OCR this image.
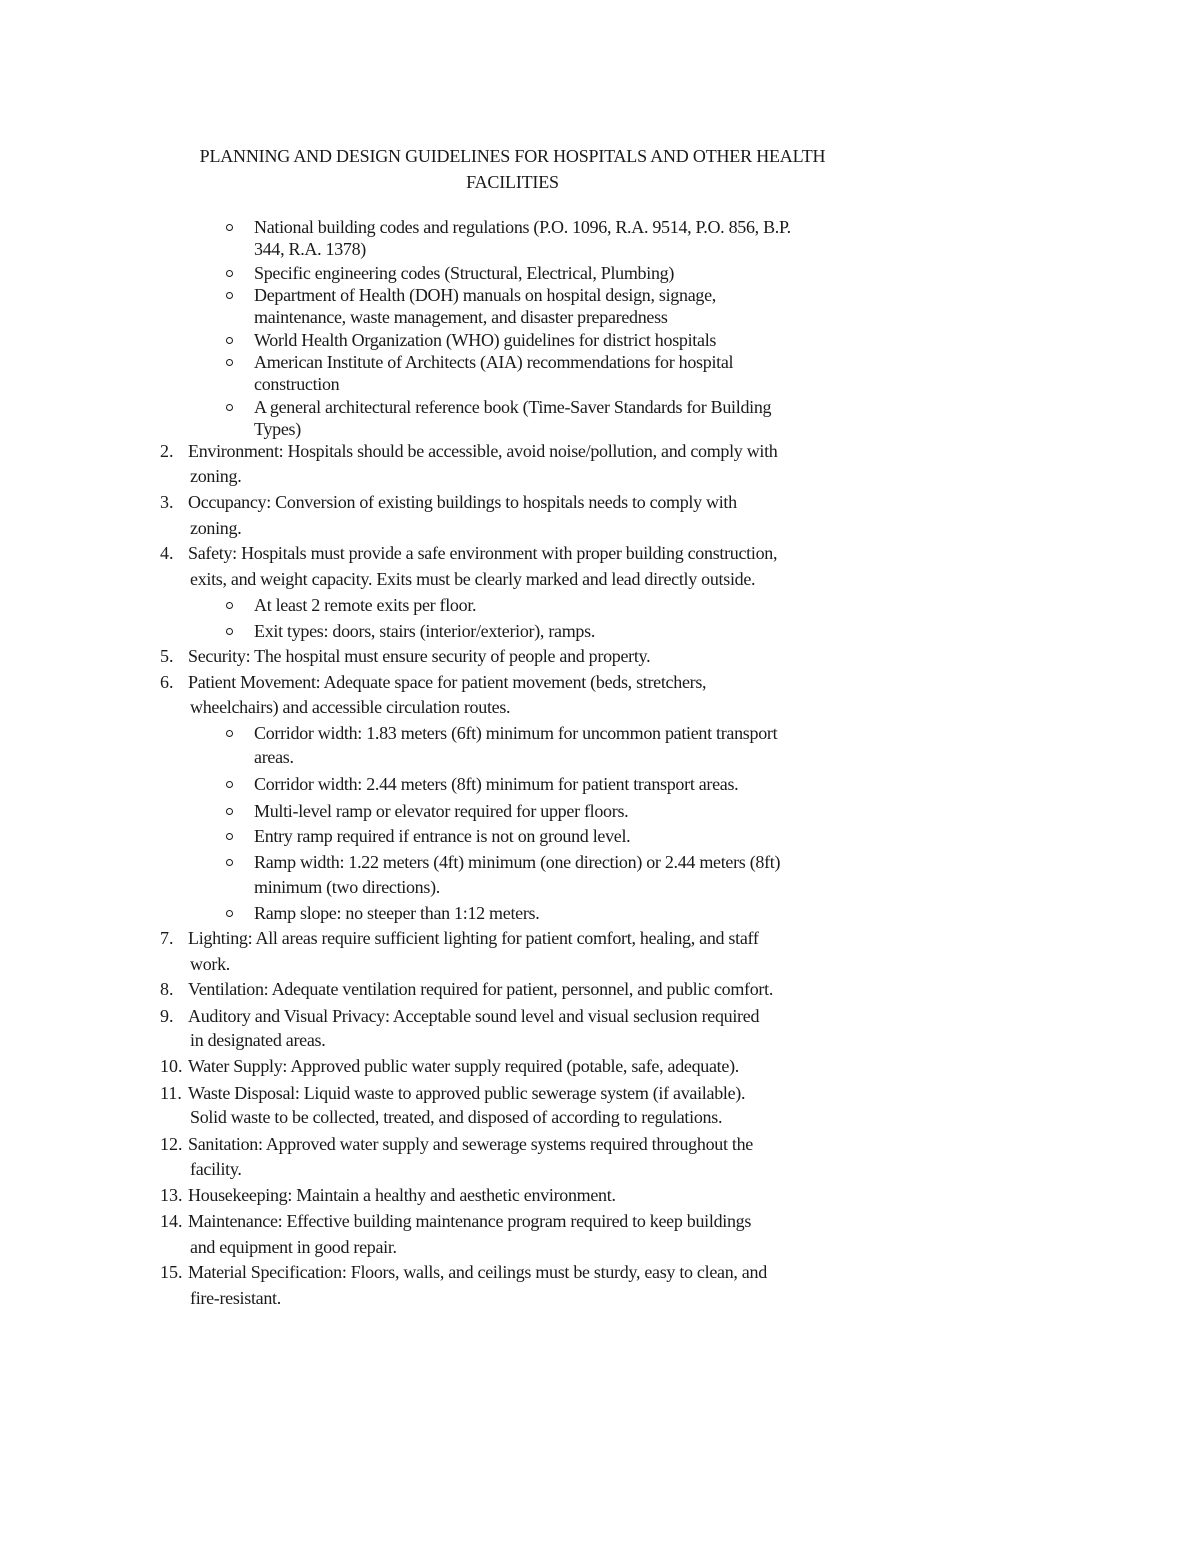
PLANNING AND DESIGN GUIDELINES FOR HOSPITALS AND OTHER HEALTH
FACILITIES
National building codes and regulations (P.O. 1096, R.A. 9514, P.O. 856, B.P.
344, R.A. 1378)
Specific engineering codes (Structural, Electrical, Plumbing)
Department of Health (DOH) manuals on hospital design, signage,
maintenance, waste management, and disaster preparedness
World Health Organization (WHO) guidelines for district hospitals
American Institute of Architects (AIA) recommendations for hospital
construction
A general architectural reference book (Time-Saver Standards for Building
Types)
2. Environment: Hospitals should be accessible, avoid noise/pollution, and comply with
zoning.
3. Occupancy: Conversion of existing buildings to hospitals needs to comply with
zoning.
4. Safety: Hospitals must provide a safe environment with proper building construction,
exits, and weight capacity. Exits must be clearly marked and lead directly outside.
At least 2 remote exits per floor.
Exit types: doors, stairs (interior/exterior), ramps.
5. Security: The hospital must ensure security of people and property.
6. Patient Movement: Adequate space for patient movement (beds, stretchers,
wheelchairs) and accessible circulation routes.
Corridor width: 1.83 meters (6ft) minimum for uncommon patient transport
areas.
Corridor width: 2.44 meters (8ft) minimum for patient transport areas.
Multi-level ramp or elevator required for upper floors.
Entry ramp required if entrance is not on ground level.
Ramp width: 1.22 meters (4ft) minimum (one direction) or 2.44 meters (8ft)
minimum (two directions).
Ramp slope: no steeper than 1:12 meters.
7. Lighting: All areas require sufficient lighting for patient comfort, healing, and staff
work.
8. Ventilation: Adequate ventilation required for patient, personnel, and public comfort.
9. Auditory and Visual Privacy: Acceptable sound level and visual seclusion required
in designated areas.
10. Water Supply: Approved public water supply required (potable, safe, adequate).
11. Waste Disposal: Liquid waste to approved public sewerage system (if available).
Solid waste to be collected, treated, and disposed of according to regulations.
12. Sanitation: Approved water supply and sewerage systems required throughout the
facility.
13. Housekeeping: Maintain a healthy and aesthetic environment.
14. Maintenance: Effective building maintenance program required to keep buildings
and equipment in good repair.
15. Material Specification: Floors, walls, and ceilings must be sturdy, easy to clean, and
fire-resistant.
